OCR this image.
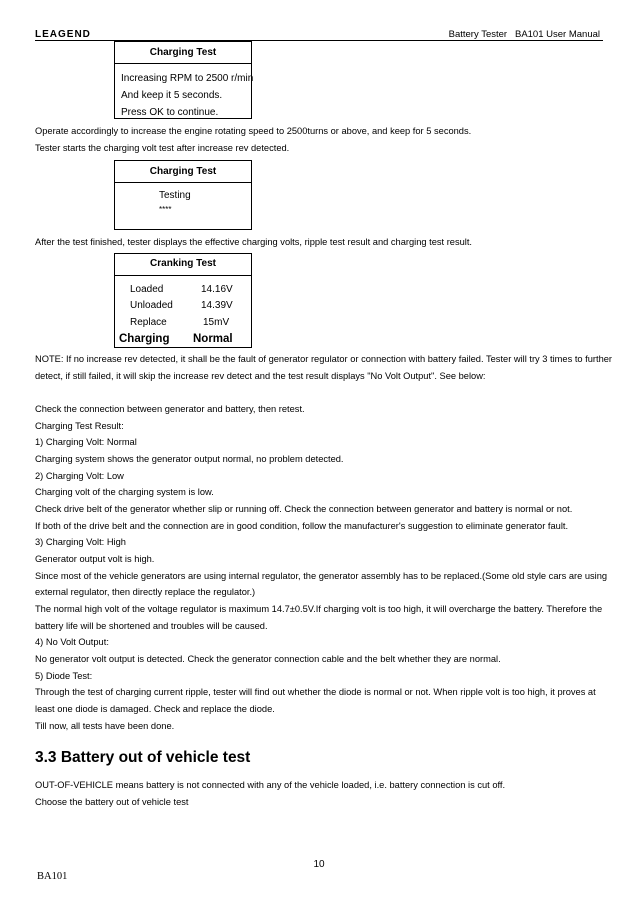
LEAGEND	Battery Tester   BA101 User Manual
Charging Test
Increasing RPM to 2500 r/min
And keep it 5 seconds.
Press OK to continue.
Operate accordingly to increase the engine rotating speed to 2500turns or above, and keep for 5 seconds.
Tester starts the charging volt test after increase rev detected.
Charging Test
Testing
****
After the test finished, tester displays the effective charging volts, ripple test result and charging test result.
Cranking Test
Loaded	14.16V
Unloaded	14.39V
Replace	15mV
Charging Normal
NOTE: If no increase rev detected, it shall be the fault of generator regulator or connection with battery failed. Tester will try 3 times to further
detect, if still failed, it will skip the increase rev detect and the test result displays "No Volt Output". See below:
Check the connection between generator and battery, then retest.
Charging Test Result:
1) Charging Volt: Normal
Charging system shows the generator output normal, no problem detected.
2) Charging Volt: Low
Charging volt of the charging system is low.
Check drive belt of the generator whether slip or running off. Check the connection between generator and battery is normal or not.
If both of the drive belt and the connection are in good condition, follow the manufacturer's suggestion to eliminate generator fault.
3) Charging Volt: High
Generator output volt is high.
Since most of the vehicle generators are using internal regulator, the generator assembly has to be replaced.(Some old style cars are using
external regulator, then directly replace the regulator.)
The normal high volt of the voltage regulator is maximum 14.7±0.5V.If charging volt is too high, it will overcharge the battery. Therefore the
battery life will be shortened and troubles will be caused.
4) No Volt Output:
No generator volt output is detected. Check the generator connection cable and the belt whether they are normal.
5) Diode Test:
Through the test of charging current ripple, tester will find out whether the diode is normal or not. When ripple volt is too high, it proves at
least one diode is damaged. Check and replace the diode.
Till now, all tests have been done.
3.3 Battery out of vehicle test
OUT-OF-VEHICLE means battery is not connected with any of the vehicle loaded, i.e. battery connection is cut off.
Choose the battery out of vehicle test
10
BA101
